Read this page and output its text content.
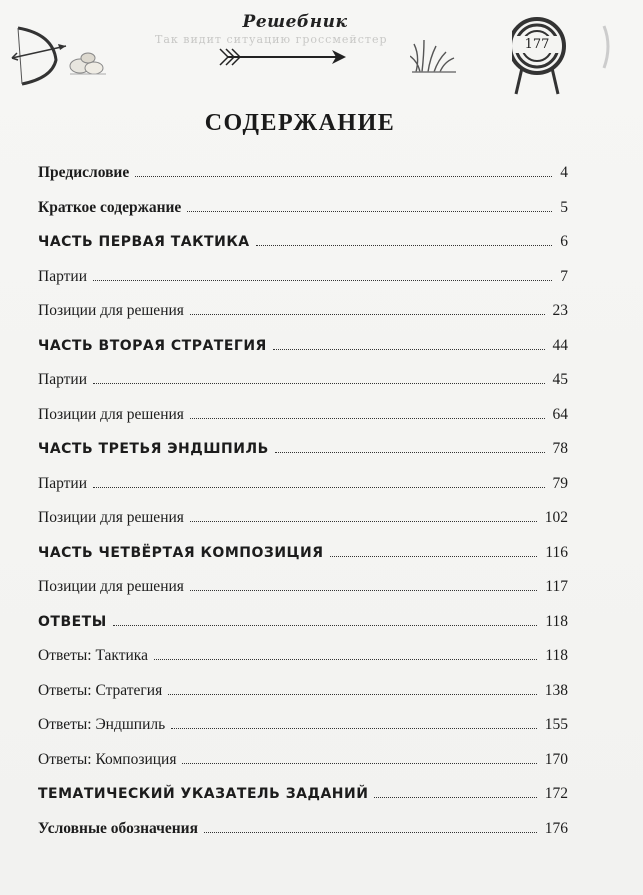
Так видит ситуацию гроссмейстер
Решебник
177
СОДЕРЖАНИЕ
Предисловие	4
Краткое содержание	5
ЧАСТЬ ПЕРВАЯ ТАКТИКА	6
Партии	7
Позиции для решения	23
ЧАСТЬ ВТОРАЯ СТРАТЕГИЯ	44
Партии	45
Позиции для решения	64
ЧАСТЬ ТРЕТЬЯ ЭНДШПИЛЬ	78
Партии	79
Позиции для решения	102
ЧАСТЬ ЧЕТВЁРТАЯ КОМПОЗИЦИЯ	116
Позиции для решения	117
ОТВЕТЫ	118
Ответы: Тактика	118
Ответы: Стратегия	138
Ответы: Эндшпиль	155
Ответы: Композиция	170
ТЕМАТИЧЕСКИЙ УКАЗАТЕЛЬ ЗАДАНИЙ	172
Условные обозначения	176
